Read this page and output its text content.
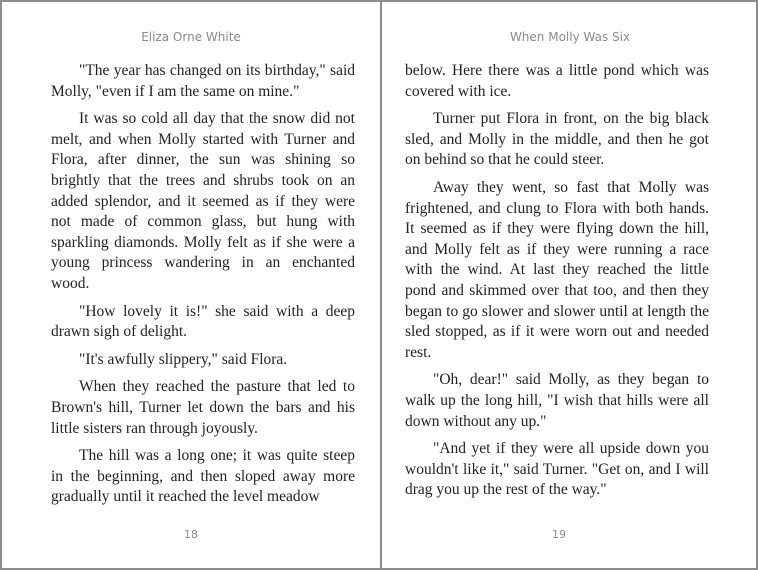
Eliza Orne White

"The year has changed on its birthday," said Molly, "even if I am the same on mine."

It was so cold all day that the snow did not melt, and when Molly started with Turner and Flora, after dinner, the sun was shining so brightly that the trees and shrubs took on an added splendor, and it seemed as if they were not made of common glass, but hung with sparkling diamonds. Molly felt as if she were a young princess wandering in an enchanted wood.

"How lovely it is!" she said with a deep drawn sigh of delight.

"It's awfully slippery," said Flora.

When they reached the pasture that led to Brown's hill, Turner let down the bars and his little sisters ran through joyously.

The hill was a long one; it was quite steep in the beginning, and then sloped away more gradually until it reached the level meadow

18
When Molly Was Six

below. Here there was a little pond which was covered with ice.

Turner put Flora in front, on the big black sled, and Molly in the middle, and then he got on behind so that he could steer.

Away they went, so fast that Molly was frightened, and clung to Flora with both hands. It seemed as if they were flying down the hill, and Molly felt as if they were running a race with the wind. At last they reached the little pond and skimmed over that too, and then they began to go slower and slower until at length the sled stopped, as if it were worn out and needed rest.

"Oh, dear!" said Molly, as they began to walk up the long hill, "I wish that hills were all down without any up."

"And yet if they were all upside down you wouldn't like it," said Turner. "Get on, and I will drag you up the rest of the way."

19
